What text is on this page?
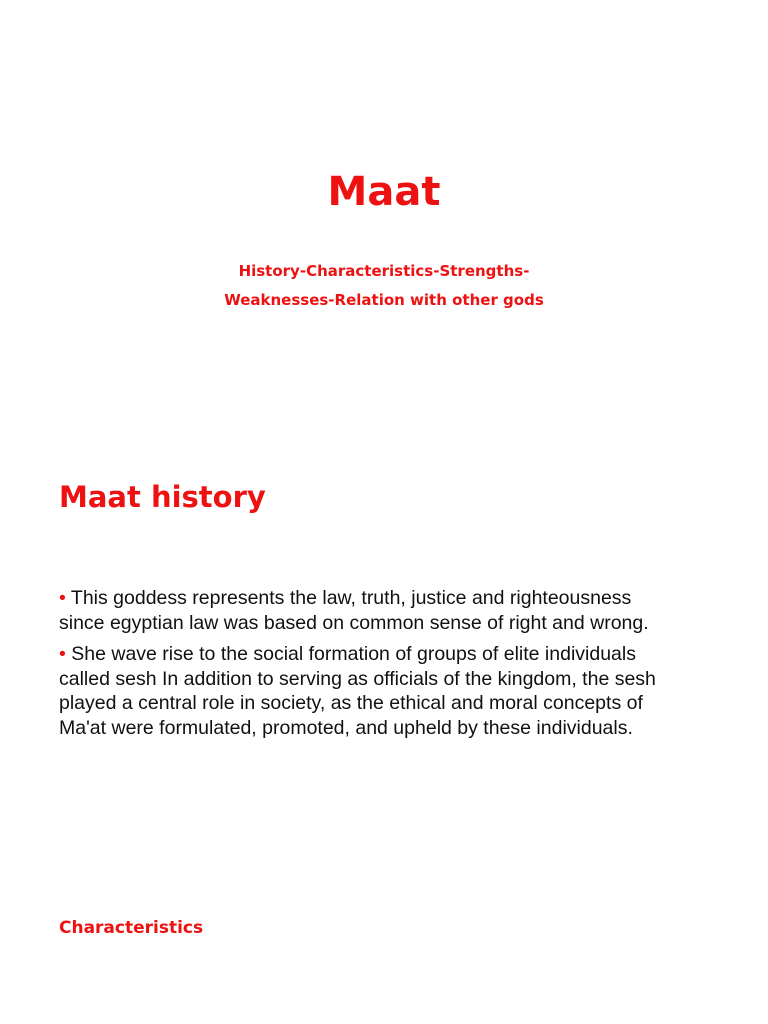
Maat

History-Characteristics-Strengths-

Weaknesses-Relation with other gods

Maat history
• This goddess represents the law, truth, justice and righteousness
since egyptian law was based on common sense of right and wrong.
• She wave rise to the social formation of groups of elite individuals
called sesh In addition to serving as officials of the kingdom, the sesh
played a central role in society, as the ethical and moral concepts of
Ma'at were formulated, promoted, and upheld by these individuals.
Characteristics
